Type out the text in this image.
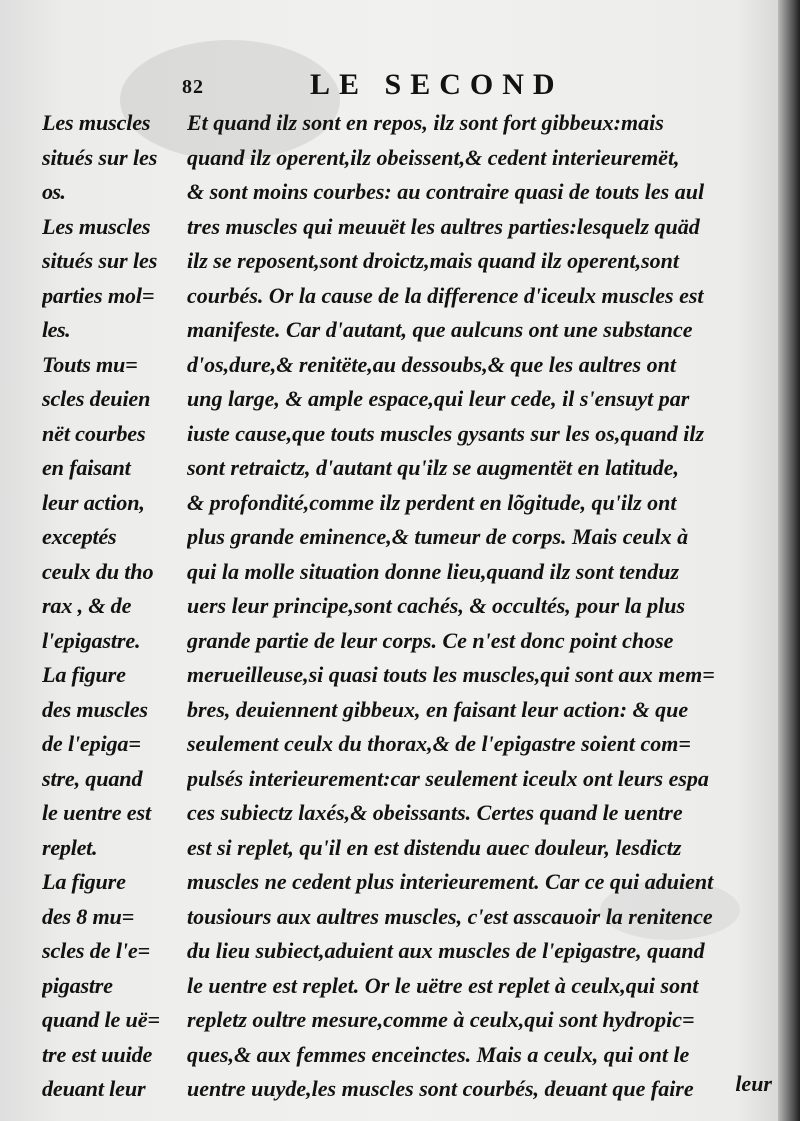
82	LE SECOND
Les muscles
situés sur les
os.
Les muscles
situés sur les
parties mol=
les.
Touts mu=
scles deuien
nët courbes
en faisant
leur action,
exceptés
ceulx du tho
rax , & de
l'epigastre.
La figure
des muscles
de l'epiga=
stre, quand
le uentre est
replet.
La figure
des 8 mu=
scles de l'e=
pigastre
quand le uë=
tre est uuide
deuant leur
Et quand ilz sont en repos, ilz sont fort gibbeux:mais
quand ilz operent,ilz obeissent,& cedent interieuremët,
& sont moins courbes: au contraire quasi de touts les aul
tres muscles qui meuuët les aultres parties:lesquelz quäd
ilz se reposent,sont droictz,mais quand ilz operent,sont
courbés. Or la cause de la difference d'iceulx muscles est
manifeste. Car d'autant, que aulcuns ont une substance
d'os,dure,& renitëte,au dessoubs,& que les aultres ont
ung large, & ample espace,qui leur cede, il s'ensuyt par
iuste cause,que touts muscles gysants sur les os,quand ilz
sont retraictz, d'autant qu'ilz se augmentët en latitude,
& profondité,comme ilz perdent en lõgitude, qu'ilz ont
plus grande eminence,& tumeur de corps. Mais ceulx à
qui la molle situation donne lieu,quand ilz sont tenduz
uers leur principe,sont cachés, & occultés, pour la plus
grande partie de leur corps. Ce n'est donc point chose
merueilleuse,si quasi touts les muscles,qui sont aux mem=
bres, deuiennent gibbeux, en faisant leur action: & que
seulement ceulx du thorax,& de l'epigastre soient com=
pulsés interieurement:car seulement iceulx ont leurs espa
ces subiectz laxés,& obeissants. Certes quand le uentre
est si replet, qu'il en est distendu auec douleur, lesdictz
muscles ne cedent plus interieurement. Car ce qui aduient
tousiours aux aultres muscles, c'est asscauoir la renitence
du lieu subiect,aduient aux muscles de l'epigastre, quand
le uentre est replet. Or le uëtre est replet à ceulx,qui sont
repletz oultre mesure,comme à ceulx,qui sont hydropic=
ques,& aux femmes enceinctes. Mais a ceulx, qui ont le
uentre uuyde,les muscles sont courbés, deuant que faire	leur
